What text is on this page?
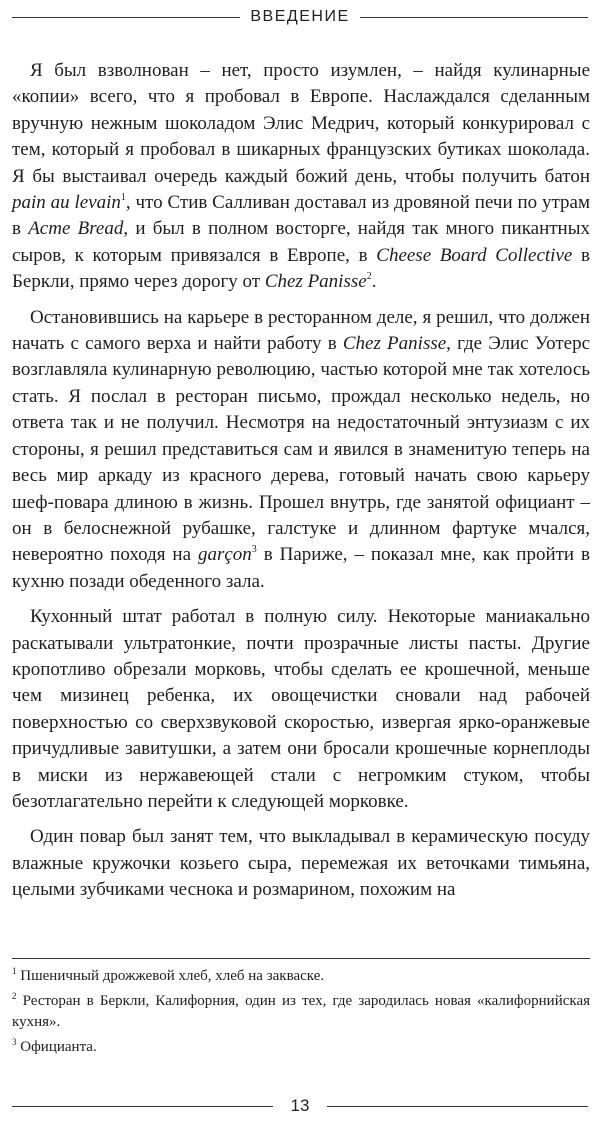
ВВЕДЕНИЕ

Я был взволнован – нет, просто изумлен, – найдя кулинарные «копии» всего, что я пробовал в Европе. Наслаждался сделанным вручную нежным шоколадом Элис Медрич, который конкурировал с тем, который я пробовал в шикарных французских бутиках шоколада. Я бы выстаивал очередь каждый божий день, чтобы получить батон pain au levain$^1$, что Стив Салливан доставал из дровяной печи по утрам в Acme Bread, и был в полном восторге, найдя так много пикантных сыров, к которым привязался в Европе, в Cheese Board Collective в Беркли, прямо через дорогу от Chez Panisse$^2$.

Остановившись на карьере в ресторанном деле, я решил, что должен начать с самого верха и найти работу в Chez Panisse, где Элис Уотерс возглавляла кулинарную революцию, частью которой мне так хотелось стать. Я послал в ресторан письмо, прождал несколько недель, но ответа так и не получил. Несмотря на недостаточный энтузиазм с их стороны, я решил представиться сам и явился в знаменитую теперь на весь мир аркаду из красного дерева, готовый начать свою карьеру шеф-повара длиною в жизнь. Прошел внутрь, где занятой официант – он в белоснежной рубашке, галстуке и длинном фартуке мчался, невероятно походя на garçon$^3$ в Париже, – показал мне, как пройти в кухню позади обеденного зала.

Кухонный штат работал в полную силу. Некоторые маниакально раскатывали ультратонкие, почти прозрачные листы пасты. Другие кропотливо обрезали морковь, чтобы сделать ее крошечной, меньше чем мизинец ребенка, их овощечистки сновали над рабочей поверхностью со сверхзвуковой скоростью, извергая ярко-оранжевые причудливые завитушки, а затем они бросали крошечные корнеплоды в миски из нержавеющей стали с негромким стуком, чтобы безотлагательно перейти к следующей морковке.

Один повар был занят тем, что выкладывал в керамическую посуду влажные кружочки козьего сыра, перемежая их веточками тимьяна, целыми зубчиками чеснока и розмарином, похожим на

$^1$ Пшеничный дрожжевой хлеб, хлеб на закваске.

$^2$ Ресторан в Беркли, Калифорния, один из тех, где зародилась новая «калифорнийская кухня».

$^3$ Официанта.

13
